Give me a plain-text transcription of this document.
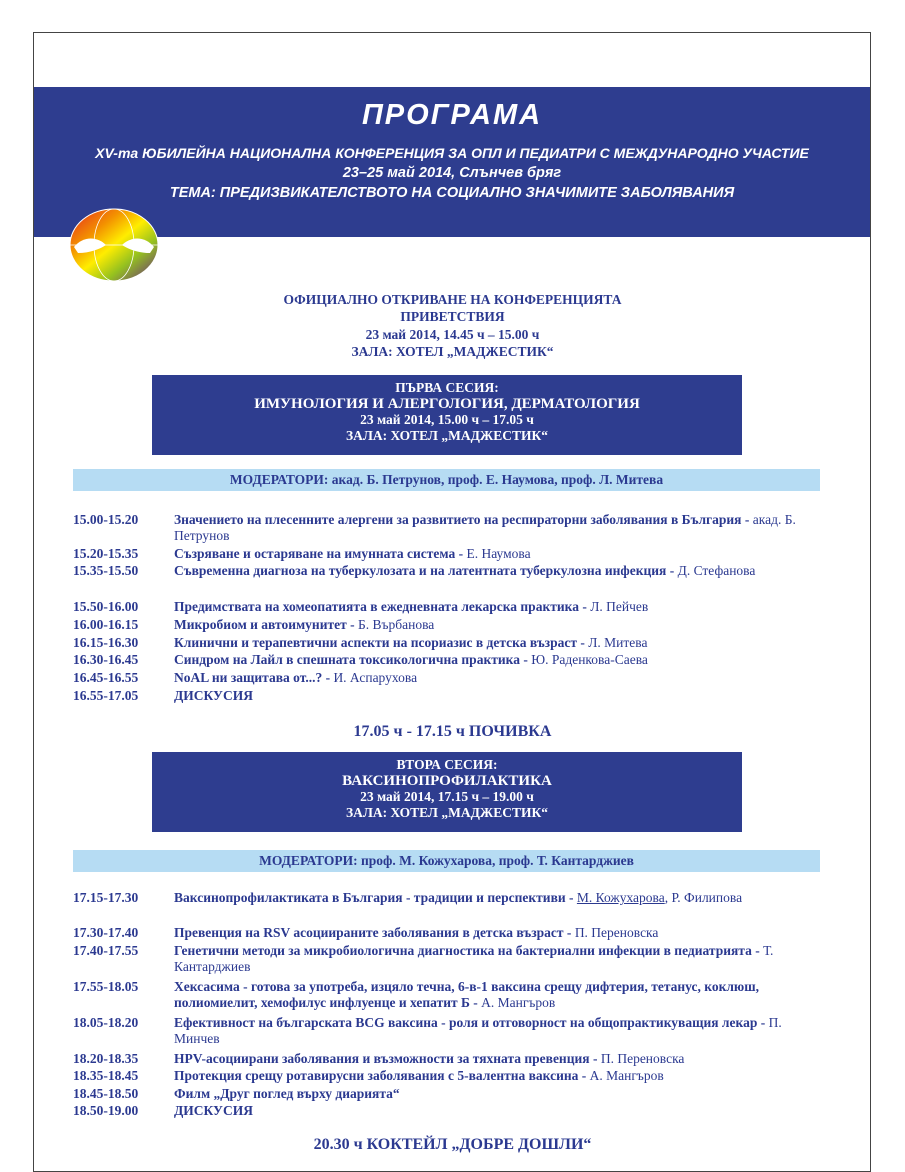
ПРОГРАМА
XV-та ЮБИЛЕЙНА НАЦИОНАЛНА КОНФЕРЕНЦИЯ ЗА ОПЛ И ПЕДИАТРИ С МЕЖДУНАРОДНО УЧАСТИЕ
23–25 май 2014, Слънчев бряг
ТЕМА: ПРЕДИЗВИКАТЕЛСТВОТО НА СОЦИАЛНО ЗНАЧИМИТЕ ЗАБОЛЯВАНИЯ
ОФИЦИАЛНО ОТКРИВАНЕ НА КОНФЕРЕНЦИЯТА
ПРИВЕТСТВИЯ
23 май 2014, 14.45 ч – 15.00 ч
ЗАЛА: ХОТЕЛ „МАДЖЕСТИК“
ПЪРВА СЕСИЯ:
ИМУНОЛОГИЯ И АЛЕРГОЛОГИЯ, ДЕРМАТОЛОГИЯ
23 май 2014, 15.00 ч – 17.05 ч
ЗАЛА: ХОТЕЛ „МАДЖЕСТИК“
МОДЕРАТОРИ: акад. Б. Петрунов, проф. Е. Наумова, проф. Л. Митева
15.00-15.20	Значението на плесенните алергени за развитието на респираторни заболявания в България - акад. Б. Петрунов
15.20-15.35	Съзряване и остаряване на имунната система - Е. Наумова
15.35-15.50	Съвременна диагноза на туберкулозата и на латентната туберкулозна инфекция - Д. Стефанова
15.50-16.00	Предимствата на хомеопатията в ежедневната лекарска практика - Л. Пейчев
16.00-16.15	Микробиом и автоимунитет - Б. Върбанова
16.15-16.30	Клинични и терапевтични аспекти на псориазис в детска възраст - Л. Митева
16.30-16.45	Синдром на Лайл в спешната токсикологична практика - Ю. Раденкова-Саева
16.45-16.55	NoAL ни защитава от...? - И. Аспарухова
16.55-17.05	ДИСКУСИЯ
17.05 ч - 17.15 ч ПОЧИВКА
ВТОРА СЕСИЯ:
ВАКСИНОПРОФИЛАКТИКА
23 май 2014, 17.15 ч – 19.00 ч
ЗАЛА: ХОТЕЛ „МАДЖЕСТИК“
МОДЕРАТОРИ: проф. М. Кожухарова, проф. Т. Кантарджиев
17.15-17.30	Ваксинопрофилактиката в България - традиции и перспективи - М. Кожухарова, Р. Филипова
17.30-17.40	Превенция на RSV асоциираните заболявания в детска възраст - П. Переновска
17.40-17.55	Генетични методи за микробиологична диагностика на бактериални инфекции в педиатрията - Т. Кантарджиев
17.55-18.05	Хексасима - готова за употреба, изцяло течна, 6-в-1 ваксина срещу дифтерия, тетанус, коклюш, полиомиелит, хемофилус инфлуенце и хепатит Б - А. Мангъров
18.05-18.20	Ефективност на българската BCG ваксина - роля и отговорност на общопрактикуващия лекар - П. Минчев
18.20-18.35	HPV-асоциирани заболявания и възможности за тяхната превенция - П. Переновска
18.35-18.45	Протекция срещу ротавирусни заболявания с 5-валентна ваксина - А. Мангъров
18.45-18.50	Филм „Друг поглед върху диарията“
18.50-19.00	ДИСКУСИЯ
20.30 ч КОКТЕЙЛ „ДОБРЕ ДОШЛИ“
